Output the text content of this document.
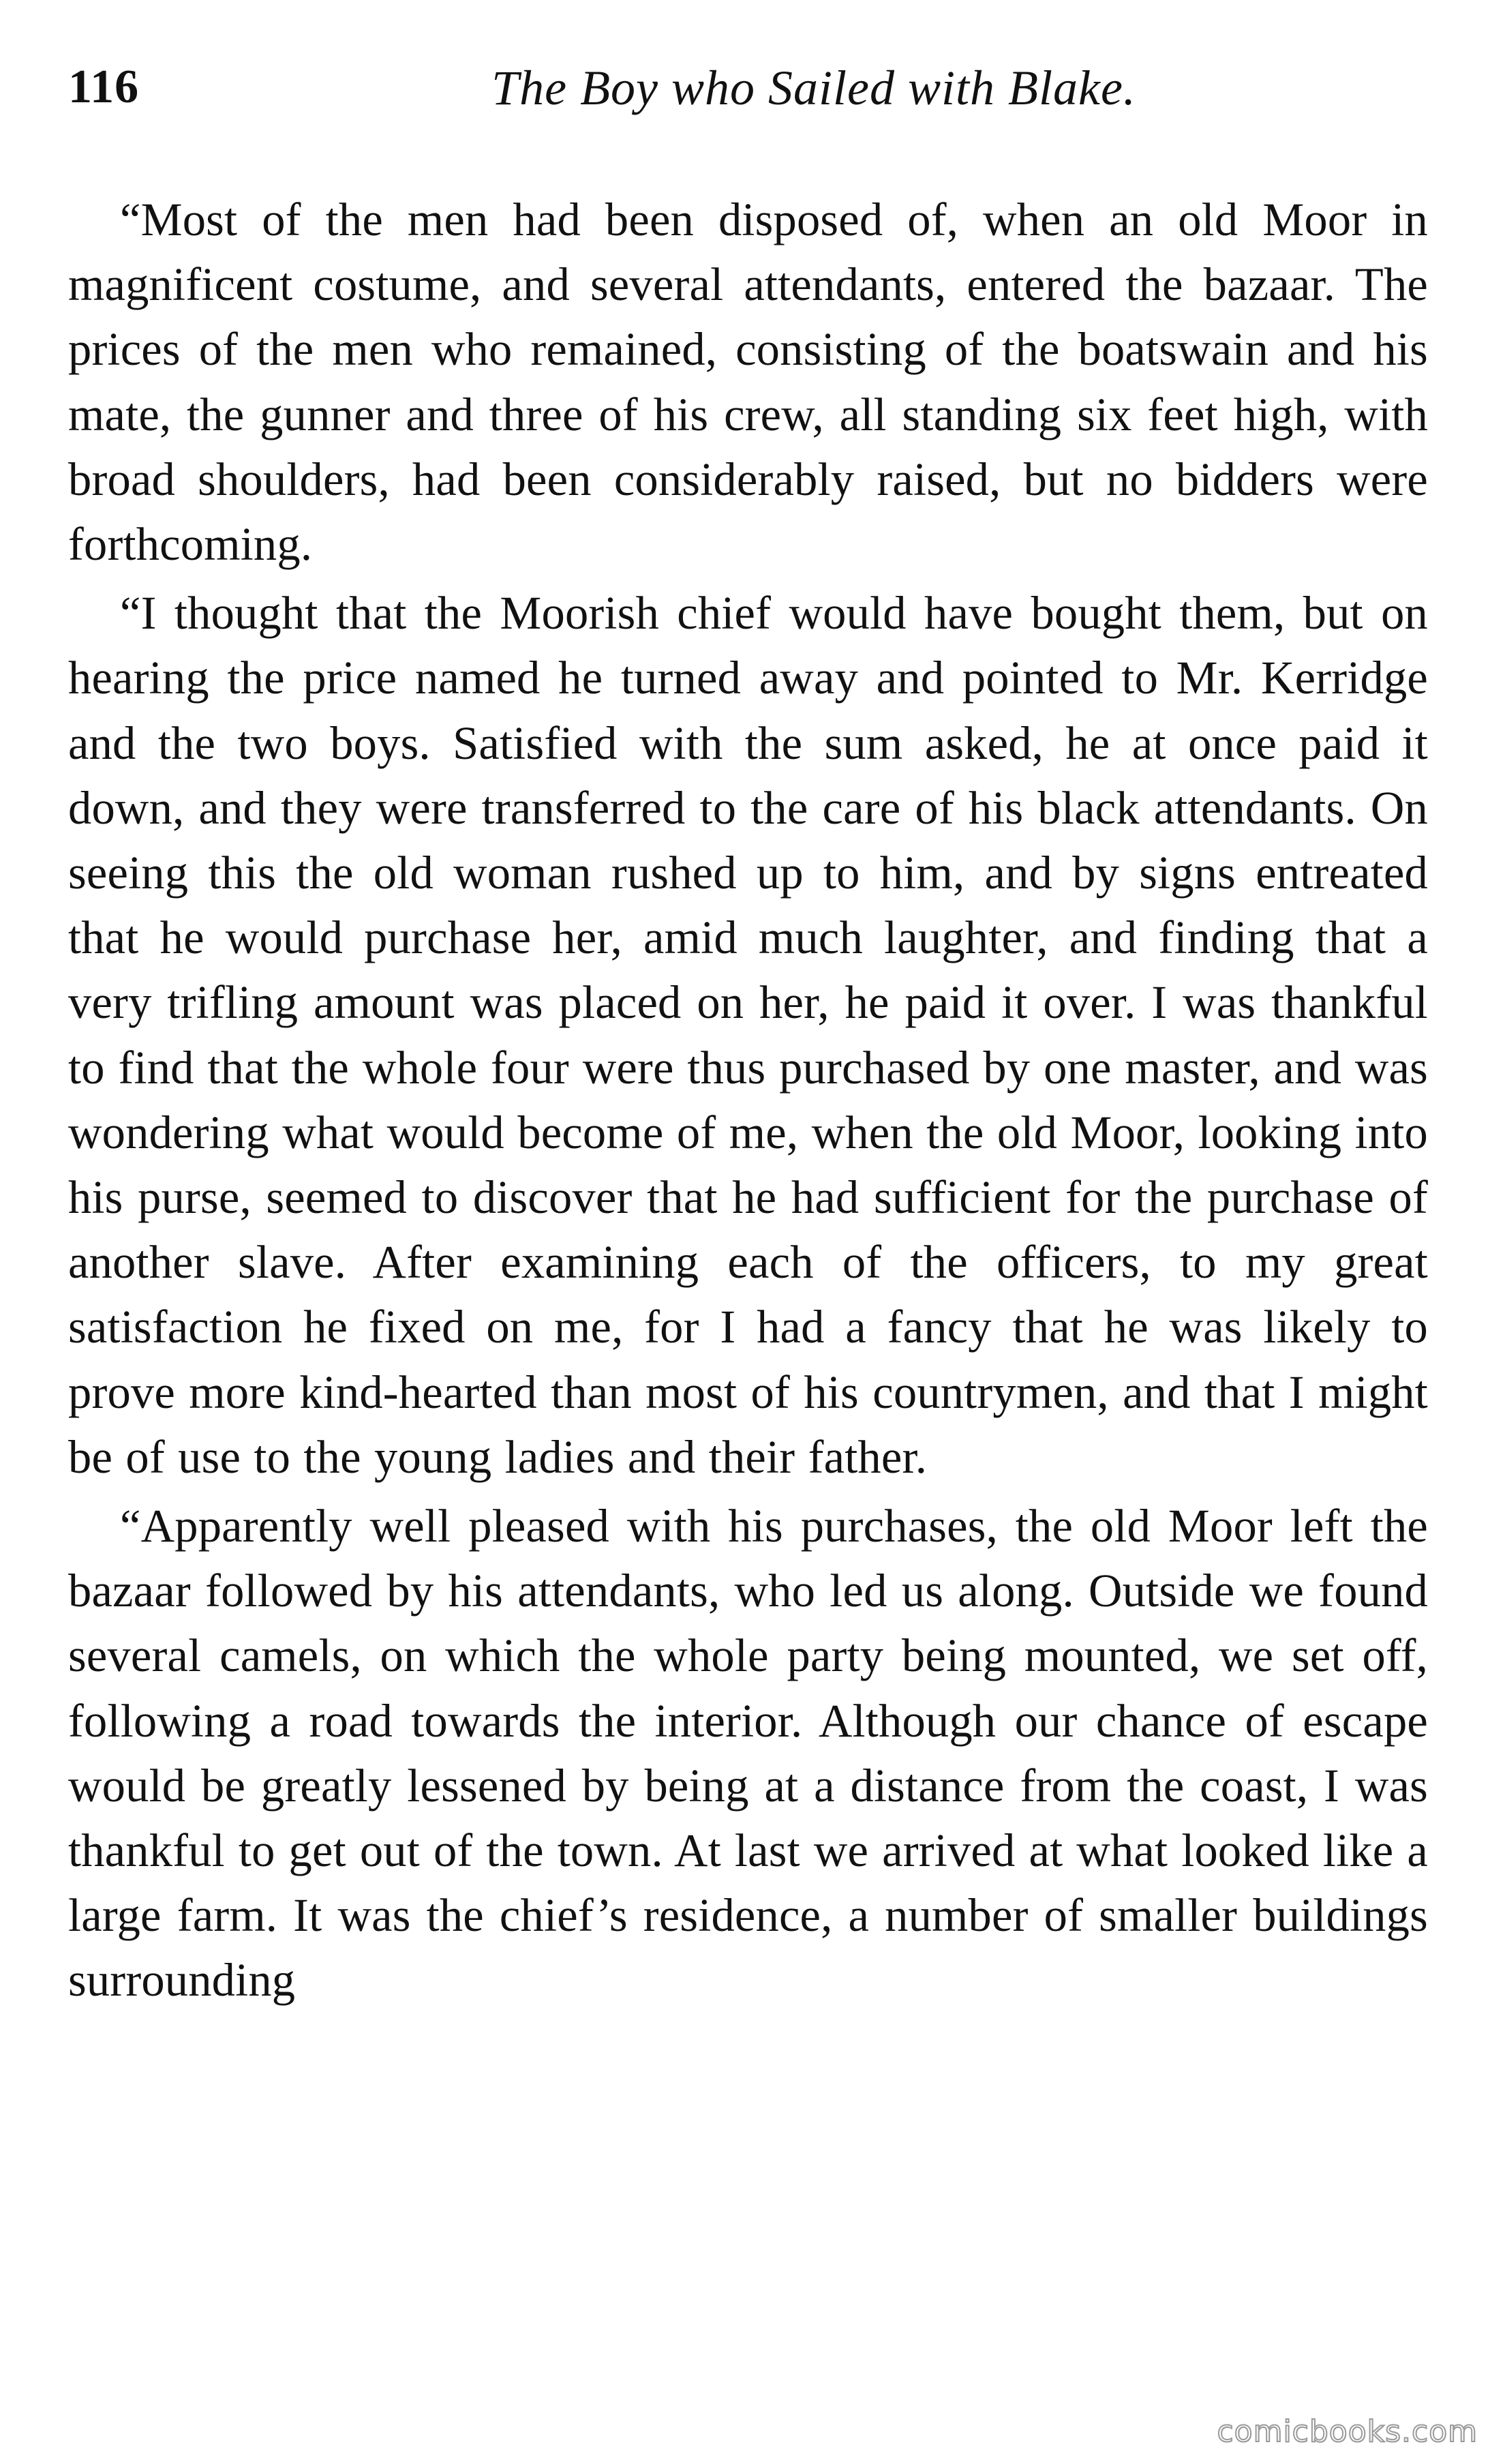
116	The Boy who Sailed with Blake.

“Most of the men had been disposed of, when an old Moor in magnificent costume, and several attendants, entered the bazaar. The prices of the men who remained, consisting of the boatswain and his mate, the gunner and three of his crew, all standing six feet high, with broad shoulders, had been considerably raised, but no bidders were forthcoming.

“I thought that the Moorish chief would have bought them, but on hearing the price named he turned away and pointed to Mr. Kerridge and the two boys. Satisfied with the sum asked, he at once paid it down, and they were transferred to the care of his black attendants. On seeing this the old woman rushed up to him, and by signs entreated that he would purchase her, amid much laughter, and finding that a very trifling amount was placed on her, he paid it over. I was thankful to find that the whole four were thus purchased by one master, and was wondering what would become of me, when the old Moor, looking into his purse, seemed to discover that he had sufficient for the purchase of another slave. After examining each of the officers, to my great satisfaction he fixed on me, for I had a fancy that he was likely to prove more kind-hearted than most of his countrymen, and that I might be of use to the young ladies and their father.

“Apparently well pleased with his purchases, the old Moor left the bazaar followed by his attendants, who led us along. Outside we found several camels, on which the whole party being mounted, we set off, following a road towards the interior. Although our chance of escape would be greatly lessened by being at a distance from the coast, I was thankful to get out of the town. At last we arrived at what looked like a large farm. It was the chief’s residence, a number of smaller buildings surrounding

comicbooks.com
